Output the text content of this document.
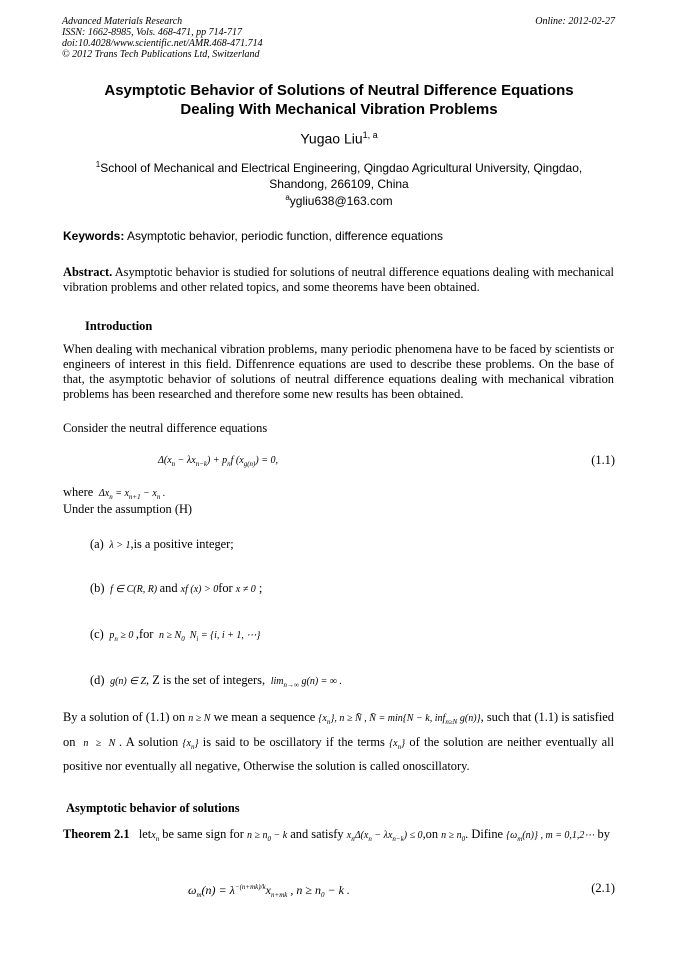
Advanced Materials Research
ISSN: 1662-8985, Vols. 468-471, pp 714-717
doi:10.4028/www.scientific.net/AMR.468-471.714
© 2012 Trans Tech Publications Ltd, Switzerland
Online: 2012-02-27
Asymptotic Behavior of Solutions of Neutral Difference Equations
Dealing With Mechanical Vibration Problems
Yugao Liu$^{1, a}$
$^1$School of Mechanical and Electrical Engineering, Qingdao Agricultural University, Qingdao, Shandong, 266109, China
$^a$ygliu638@163.com
Keywords: Asymptotic behavior, periodic function, difference equations
Abstract. Asymptotic behavior is studied for solutions of neutral difference equations dealing with mechanical vibration problems and other related topics, and some theorems have been obtained.
Introduction
When dealing with mechanical vibration problems, many periodic phenomena have to be faced by scientists or engineers of interest in this field. Diffenrence equations are used to describe these problems. On the base of that, the asymptotic behavior of solutions of neutral difference equations dealing with mechanical vibration problems has been researched and therefore some new results has been obtained.
Consider the neutral difference equations
$\Delta(x_n - \lambda x_{n-k}) + p_nf$ $(x_{g(n)}) = 0$,	(1.1)
where  $\Delta x_n = x_{n+1} - x_n$ .
Under the assumption (H)
(a)  λ > 1,is a positive integer;
(b) f ∈ C(R, R) and xf (x) > 0for x ≠ 0 ;
(c) $p_n \ge 0$ ,for $n \ge N_0$ $N_i = \{i$, i + 1, ⋯}
(d) g(n) ∈ Z, Z is the set of integers,  $\lim_{n\to\infty} g(n)$ = ∞ .
By a solution of (1.1) on n ≥ N we mean a sequence $\{x_n\}$, n ≥ N̄ , N̄ = min{N − k, inf$_{n\ge N}$ g(n)}, such that (1.1) is satisfied on n  ≥  N . A solution $\{x_n\}$ is said to be oscillatory if the terms $\{x_n\}$ of the solution are neither eventually all positive nor eventually all negative, Otherwise the solution is called onoscillatory.
Asymptotic behavior of solutions
Theorem 2.1 letx$_n$ be same sign for $n \ge n_0 - k$ and satisfy $x_n\Delta(x_n - \lambda x_{n-k}) \le 0,on$ $n \ge n_0$. Difine $\{\omega_m(n)\}$ , m = 0,1,2⋯ by
$\omega_m(n) = \lambda^{-(n+mk)/k}x_{n+mk}$ , $n \ge n_0 - k$ .	(2.1)
